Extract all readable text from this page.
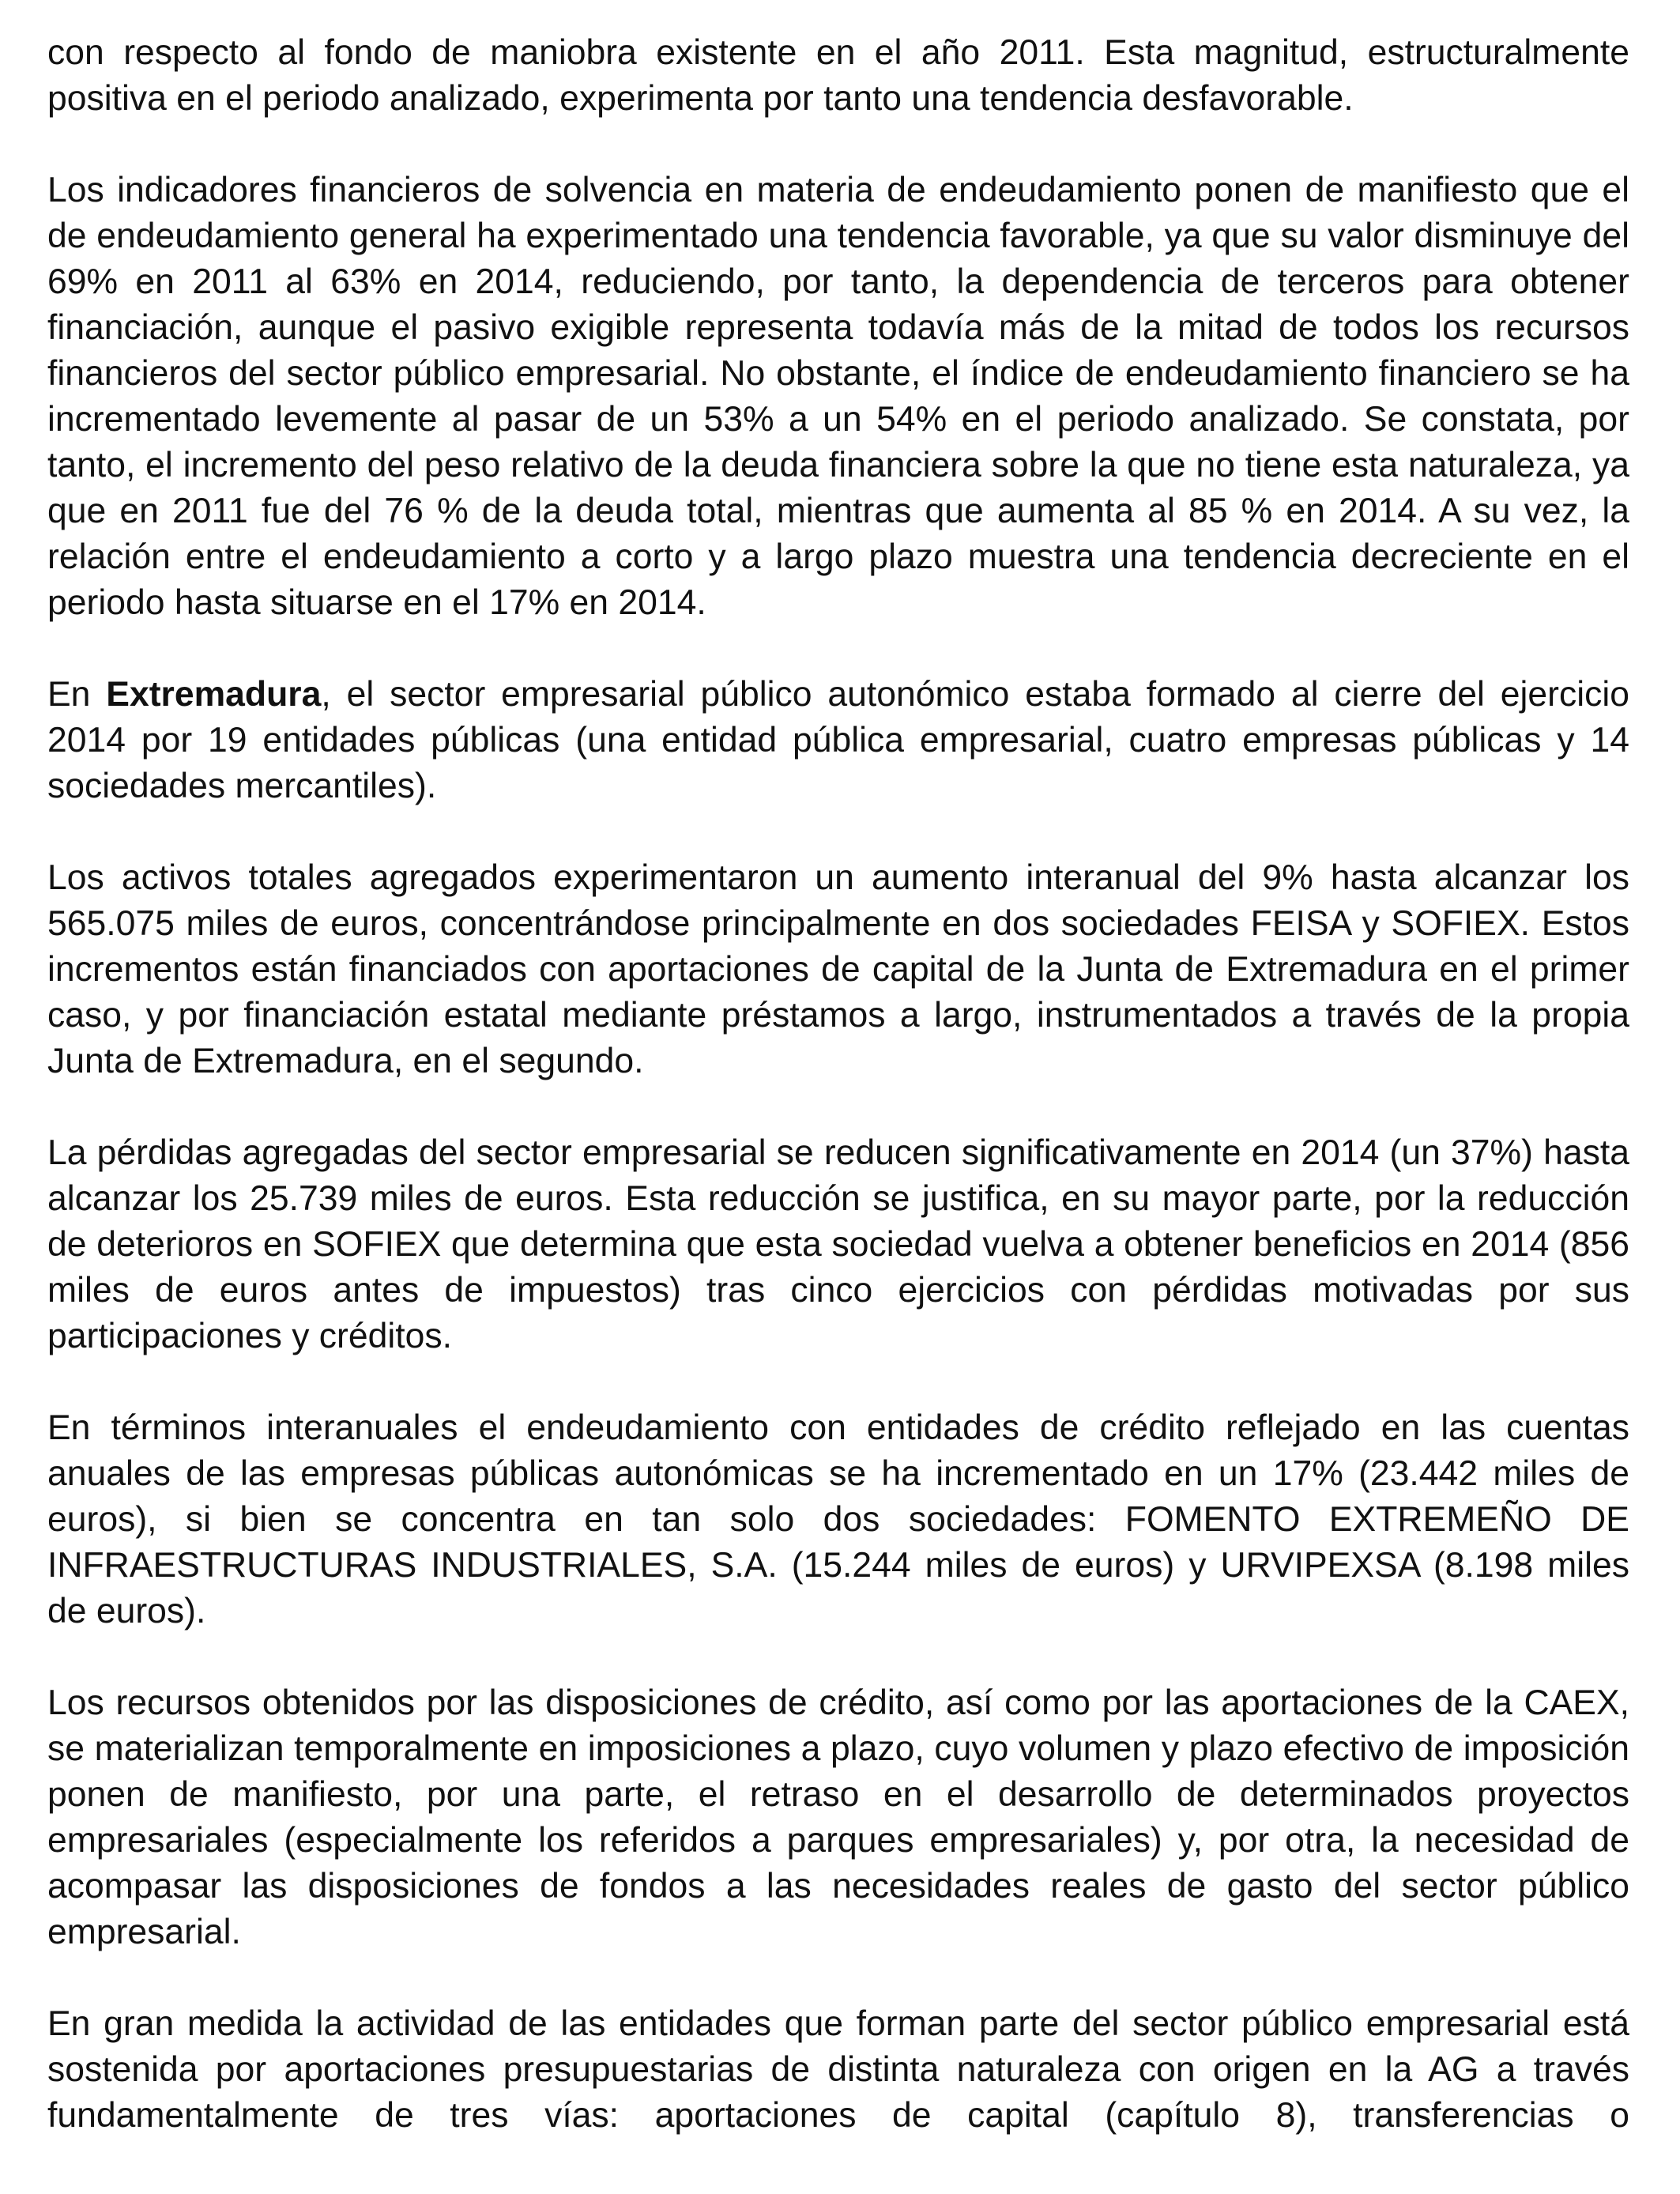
con respecto al fondo de maniobra existente en el año 2011. Esta magnitud, estructuralmente positiva en el periodo analizado, experimenta por tanto una tendencia desfavorable.

Los indicadores financieros de solvencia en materia de endeudamiento ponen de manifiesto que el de endeudamiento general ha experimentado una tendencia favorable, ya que su valor disminuye del 69% en 2011 al 63% en 2014, reduciendo, por tanto, la dependencia de terceros para obtener financiación, aunque el pasivo exigible representa todavía más de la mitad de todos los recursos financieros del sector público empresarial. No obstante, el índice de endeudamiento financiero se ha incrementado levemente al pasar de un 53% a un 54% en el periodo analizado. Se constata, por tanto, el incremento del peso relativo de la deuda financiera sobre la que no tiene esta naturaleza, ya que en 2011 fue del 76 % de la deuda total, mientras que aumenta al 85 % en 2014. A su vez, la relación entre el endeudamiento a corto y a largo plazo muestra una tendencia decreciente en el periodo hasta situarse en el 17% en 2014.

En Extremadura, el sector empresarial público autonómico estaba formado al cierre del ejercicio 2014 por 19 entidades públicas (una entidad pública empresarial, cuatro empresas públicas y 14 sociedades mercantiles).

Los activos totales agregados experimentaron un aumento interanual del 9% hasta alcanzar los 565.075 miles de euros, concentrándose principalmente en dos sociedades FEISA y SOFIEX. Estos incrementos están financiados con aportaciones de capital de la Junta de Extremadura en el primer caso, y por financiación estatal mediante préstamos a largo, instrumentados a través de la propia Junta de Extremadura, en el segundo.

La pérdidas agregadas del sector empresarial se reducen significativamente en 2014 (un 37%) hasta alcanzar los 25.739 miles de euros. Esta reducción se justifica, en su mayor parte, por la reducción de deterioros en SOFIEX que determina que esta sociedad vuelva a obtener beneficios en 2014 (856 miles de euros antes de impuestos) tras cinco ejercicios con pérdidas motivadas por sus participaciones y créditos.

En términos interanuales el endeudamiento con entidades de crédito reflejado en las cuentas anuales de las empresas públicas autonómicas se ha incrementado en un 17% (23.442 miles de euros), si bien se concentra en tan solo dos sociedades: FOMENTO EXTREMEÑO DE INFRAESTRUCTURAS INDUSTRIALES, S.A. (15.244 miles de euros) y URVIPEXSA (8.198 miles de euros).

Los recursos obtenidos por las disposiciones de crédito, así como por las aportaciones de la CAEX, se materializan temporalmente en imposiciones a plazo, cuyo volumen y plazo efectivo de imposición ponen de manifiesto, por una parte, el retraso en el desarrollo de determinados proyectos empresariales (especialmente los referidos a parques empresariales) y, por otra, la necesidad de acompasar las disposiciones de fondos a las necesidades reales de gasto del sector público empresarial.

En gran medida la actividad de las entidades que forman parte del sector público empresarial está sostenida por aportaciones presupuestarias de distinta naturaleza con origen en la AG a través fundamentalmente de tres vías: aportaciones de capital (capítulo 8), transferencias o
